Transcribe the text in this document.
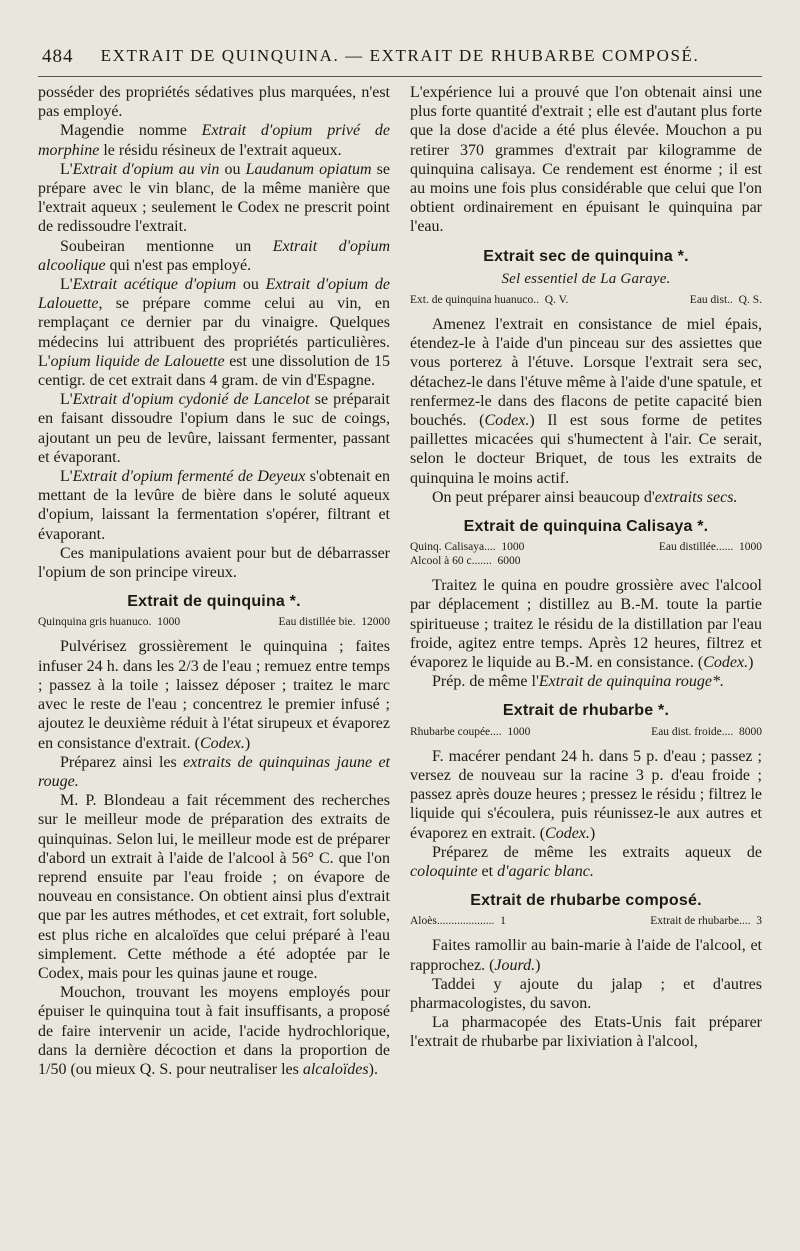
484	EXTRAIT DE QUINQUINA. — EXTRAIT DE RHUBARBE COMPOSÉ.

posséder des propriétés sédatives plus marquées, n'est pas employé.

Magendie nomme Extrait d'opium privé de morphine le résidu résineux de l'extrait aqueux.

L'Extrait d'opium au vin ou Laudanum opiatum se prépare avec le vin blanc, de la même manière que l'extrait aqueux ; seulement le Codex ne prescrit point de redissoudre l'extrait.

Soubeiran mentionne un Extrait d'opium alcoolique qui n'est pas employé.

L'Extrait acétique d'opium ou Extrait d'opium de Lalouette, se prépare comme celui au vin, en remplaçant ce dernier par du vinaigre. Quelques médecins lui attribuent des propriétés particulières. L'opium liquide de Lalouette est une dissolution de 15 centigr. de cet extrait dans 4 gram. de vin d'Espagne.

L'Extrait d'opium cydonié de Lancelot se préparait en faisant dissoudre l'opium dans le suc de coings, ajoutant un peu de levûre, laissant fermenter, passant et évaporant.

L'Extrait d'opium fermenté de Deyeux s'obtenait en mettant de la levûre de bière dans le soluté aqueux d'opium, laissant la fermentation s'opérer, filtrant et évaporant.

Ces manipulations avaient pour but de débarrasser l'opium de son principe vireux.

Extrait de quinquina *.
Quinquina gris huanuco.  1000	Eau distillée bie.  12000

Pulvérisez grossièrement le quinquina ; faites infuser 24 h. dans les 2/3 de l'eau ; remuez entre temps ; passez à la toile ; laissez déposer ; traitez le marc avec le reste de l'eau ; concentrez le premier infusé ; ajoutez le deuxième réduit à l'état sirupeux et évaporez en consistance d'extrait. (Codex.)

Préparez ainsi les extraits de quinquinas jaune et rouge.

M. P. Blondeau a fait récemment des recherches sur le meilleur mode de préparation des extraits de quinquinas. Selon lui, le meilleur mode est de préparer d'abord un extrait à l'aide de l'alcool à 56° C. que l'on reprend ensuite par l'eau froide ; on évapore de nouveau en consistance. On obtient ainsi plus d'extrait que par les autres méthodes, et cet extrait, fort soluble, est plus riche en alcaloïdes que celui préparé à l'eau simplement. Cette méthode a été adoptée par le Codex, mais pour les quinas jaune et rouge.

Mouchon, trouvant les moyens employés pour épuiser le quinquina tout à fait insuffisants, a proposé de faire intervenir un acide, l'acide hydrochlorique, dans la dernière décoction et dans la proportion de 1/50 (ou mieux Q. S. pour neutraliser les alcaloïdes).

L'expérience lui a prouvé que l'on obtenait ainsi une plus forte quantité d'extrait ; elle est d'autant plus forte que la dose d'acide a été plus élevée. Mouchon a pu retirer 370 grammes d'extrait par kilogramme de quinquina calisaya. Ce rendement est énorme ; il est au moins une fois plus considérable que celui que l'on obtient ordinairement en épuisant le quinquina par l'eau.

Extrait sec de quinquina *.
Sel essentiel de La Garaye.
Ext. de quinquina huanuco..  Q. V.	Eau dist..  Q. S.

Amenez l'extrait en consistance de miel épais, étendez-le à l'aide d'un pinceau sur des assiettes que vous porterez à l'étuve. Lorsque l'extrait sera sec, détachez-le dans l'étuve même à l'aide d'une spatule, et renfermez-le dans des flacons de petite capacité bien bouchés. (Codex.) Il est sous forme de petites paillettes micacées qui s'humectent à l'air. Ce serait, selon le docteur Briquet, de tous les extraits de quinquina le moins actif.

On peut préparer ainsi beaucoup d'extraits secs.

Extrait de quinquina Calisaya *.
Quinq. Calisaya....  1000	Eau distillée......  1000
Alcool à 60 c.......  6000

Traitez le quina en poudre grossière avec l'alcool par déplacement ; distillez au B.-M. toute la partie spiritueuse ; traitez le résidu de la distillation par l'eau froide, agitez entre temps. Après 12 heures, filtrez et évaporez le liquide au B.-M. en consistance. (Codex.)

Prép. de même l'Extrait de quinquina rouge*.

Extrait de rhubarbe *.
Rhubarbe coupée....  1000	Eau dist. froide....  8000

F. macérer pendant 24 h. dans 5 p. d'eau ; passez ; versez de nouveau sur la racine 3 p. d'eau froide ; passez après douze heures ; pressez le résidu ; filtrez le liquide qui s'écoulera, puis réunissez-le aux autres et évaporez en extrait. (Codex.)

Préparez de même les extraits aqueux de coloquinte et d'agaric blanc.

Extrait de rhubarbe composé.
Aloès....................  1	Extrait de rhubarbe....  3

Faites ramollir au bain-marie à l'aide de l'alcool, et rapprochez. (Jourd.)

Taddei y ajoute du jalap ; et d'autres pharmacologistes, du savon.

La pharmacopée des Etats-Unis fait préparer l'extrait de rhubarbe par lixiviation à l'alcool,
